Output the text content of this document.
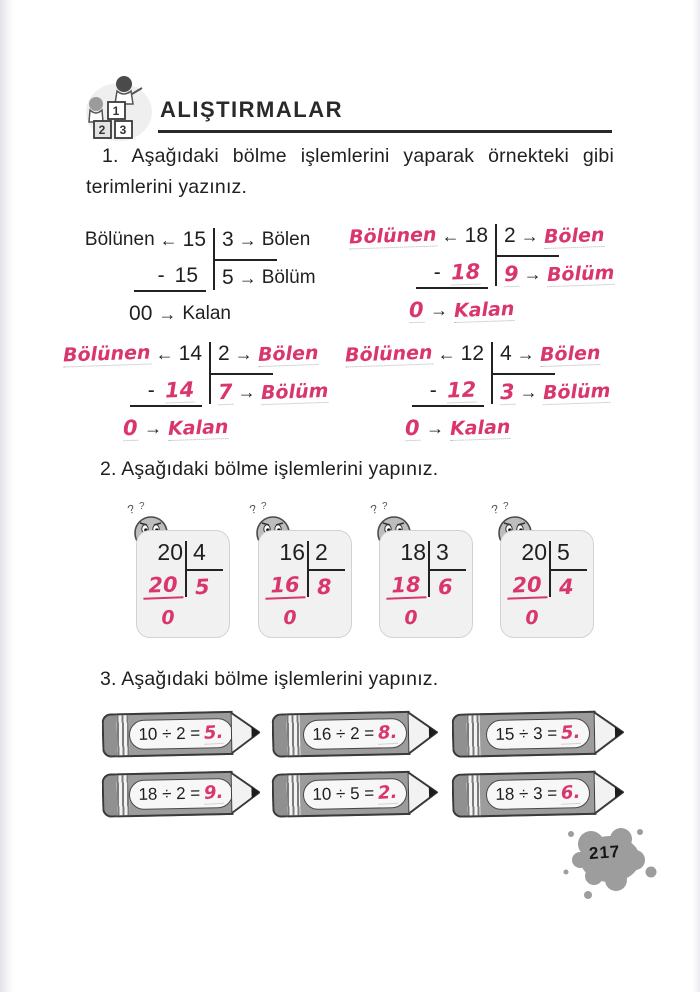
1
2 3
ALIŞTIRMALAR
1. Aşağıdaki bölme işlemlerini yaparak örnekteki gibi terimlerini yazınız.
Bölünen ← 15 3 → Bölen
- 15 5 → Bölüm
00 → Kalan
Bölünen ← 18 2 → Bölen
- 18 9 → Bölüm
0 → Kalan
Bölünen ← 14 2 → Bölen
- 14 7 → Bölüm
0 → Kalan
Bölünen ← 12 4 → Bölen
- 12 3 → Bölüm
0 → Kalan
2. Aşağıdaki bölme işlemlerini yapınız.
? ?	? ?	? ?	? ?
20 4
20 5
0
16 2
16 8
0
18 3
18 6
0
20 5
20 4
0
3. Aşağıdaki bölme işlemlerini yapınız.
10 ÷ 2 = 5.	16 ÷ 2 = 8.	15 ÷ 3 = 5.
18 ÷ 2 = 9.	10 ÷ 5 = 2.	18 ÷ 3 = 6.
217
